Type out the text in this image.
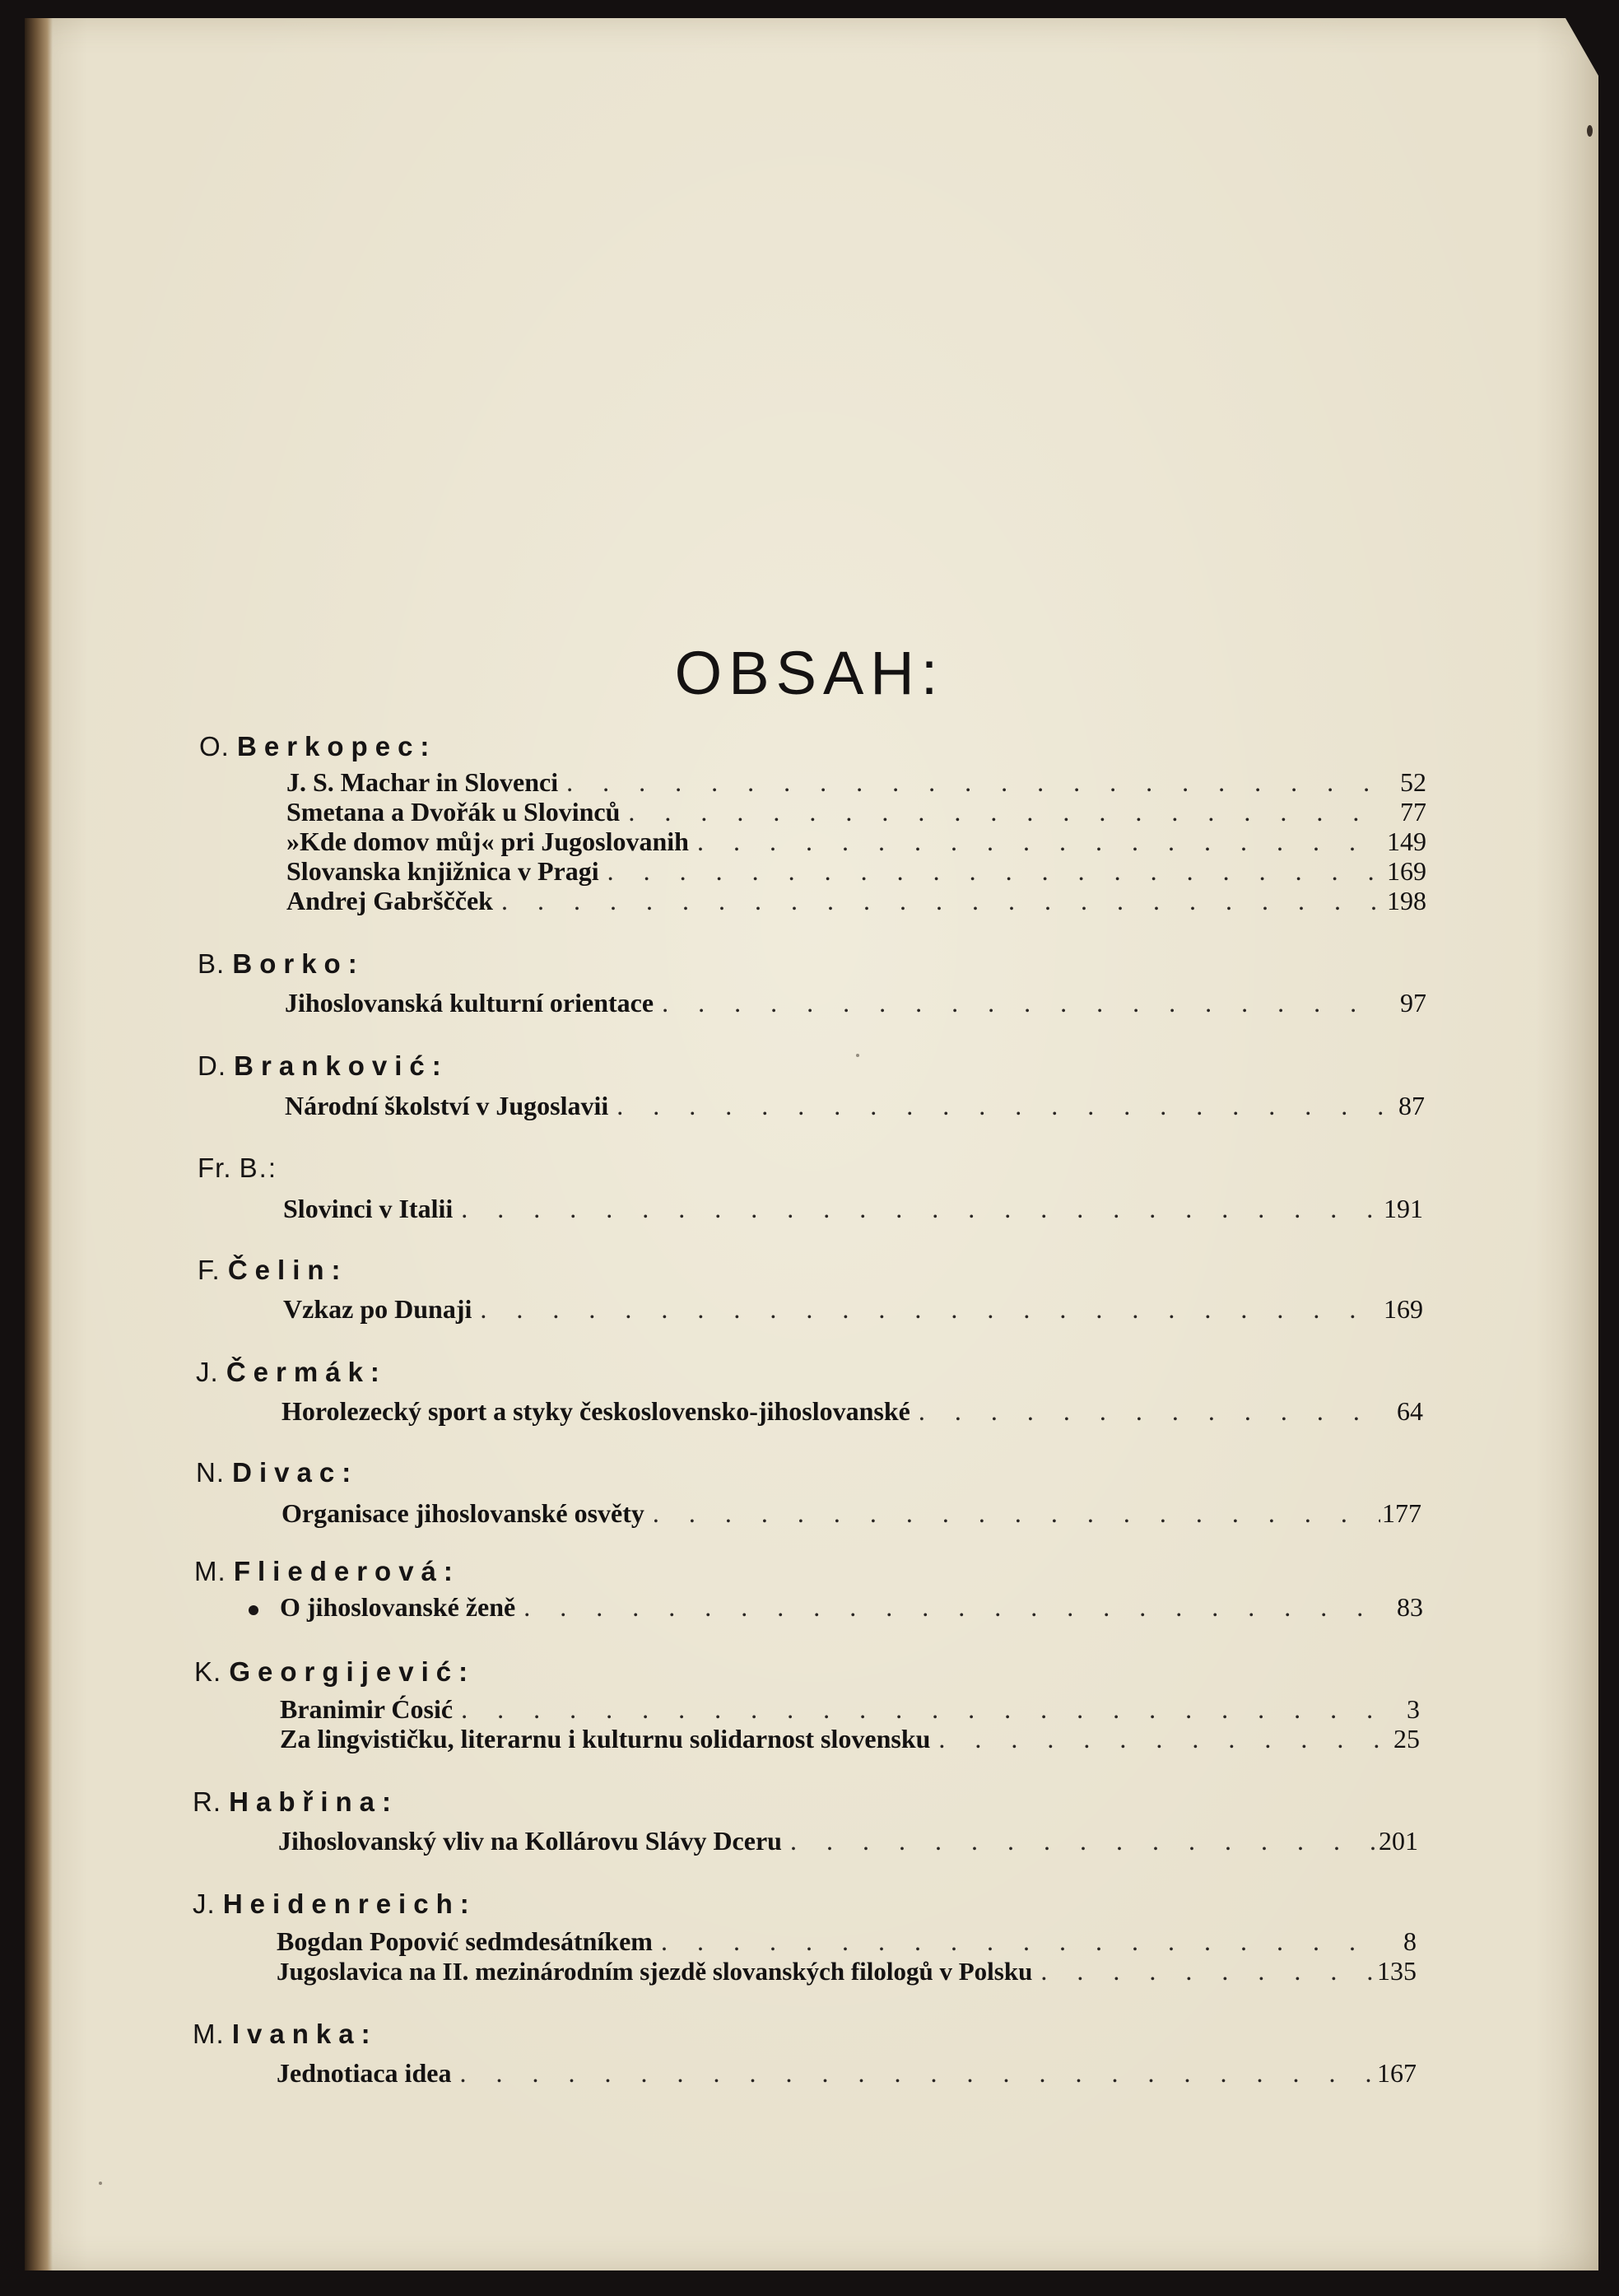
OBSAH:
O. Berkopec:
J. S. Machar in Slovenci . . .	52
Smetana a Dvořák u Slovinců . . .	77
»Kde domov můj« pri Jugoslovanih . . .	149
Slovanska knjižnica v Pragi . . .	169
Andrej Gabrščček . . .	198
B. Borko:
Jihoslovanská kulturní orientace . . .	97
D. Branković:
Národní školství v Jugoslavii . . .	87
Fr. B.:
Slovinci v Italii . . .	191
F. Čelin:
Vzkaz po Dunaji . . .	169
J. Čermák:
Horolezecký sport a styky československo-jihoslovanské . . .	64
N. Divac:
Organisace jihoslovanské osvěty . . .	177
M. Fliederová:
O jihoslovanské ženě . . .	83
K. Georgijević:
Branimir Ćosić . . .	3
Za lingvističku, literarnu i kulturnu solidarnost slovensku . . .	25
R. Habřina:
Jihoslovanský vliv na Kollárovu Slávy Dceru . . .	201
J. Heidenreich:
Bogdan Popović sedmdesátníkem . . .	8
Jugoslavica na II. mezinárodním sjezdě slovanských filologů v Polsku . . .	135
M. Ivanka:
Jednotiaca idea . . .	167
